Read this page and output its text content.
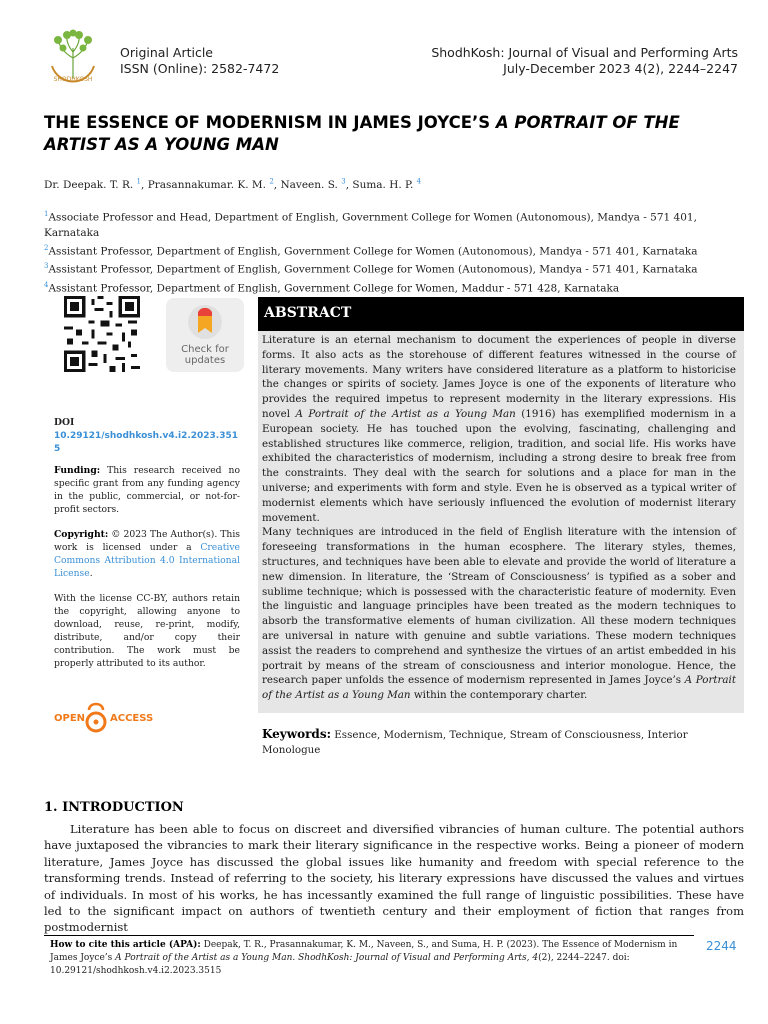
SHODHKOSH
Original Article
ISSN (Online): 2582-7472
ShodhKosh: Journal of Visual and Performing Arts
July-December 2023 4(2), 2244–2247
THE ESSENCE OF MODERNISM IN JAMES JOYCE’S A PORTRAIT OF THE ARTIST AS A YOUNG MAN
Dr. Deepak. T. R. $^1$, Prasannakumar. K. M. $^2$, Naveen. S. $^3$, Suma. H. P. $^4$
$^1$Associate Professor and Head, Department of English, Government College for Women (Autonomous), Mandya - 571 401, Karnataka
$^2$Assistant Professor, Department of English, Government College for Women (Autonomous), Mandya - 571 401, Karnataka
$^3$Assistant Professor, Department of English, Government College for Women (Autonomous), Mandya - 571 401, Karnataka
$^4$Assistant Professor, Department of English, Government College for Women, Maddur - 571 428, Karnataka
Check for
updates
DOI
10.29121/shodhkosh.v4.i2.2023.3515
Funding: This research received no specific grant from any funding agency in the public, commercial, or not-for-profit sectors.
Copyright: © 2023 The Author(s). This work is licensed under a Creative Commons Attribution 4.0 International License.
With the license CC-BY, authors retain the copyright, allowing anyone to download, reuse, re-print, modify, distribute, and/or copy their contribution. The work must be properly attributed to its author.
OPEN ACCESS
ABSTRACT

Literature is an eternal mechanism to document the experiences of people in diverse forms. It also acts as the storehouse of different features witnessed in the course of literary movements. Many writers have considered literature as a platform to historicise the changes or spirits of society. James Joyce is one of the exponents of literature who provides the required impetus to represent modernity in the literary expressions. His novel A Portrait of the Artist as a Young Man (1916) has exemplified modernism in a European society. He has touched upon the evolving, fascinating, challenging and established structures like commerce, religion, tradition, and social life. His works have exhibited the characteristics of modernism, including a strong desire to break free from the constraints. They deal with the search for solutions and a place for man in the universe; and experiments with form and style. Even he is observed as a typical writer of modernist elements which have seriously influenced the evolution of modernist literary movement.

Many techniques are introduced in the field of English literature with the intension of foreseeing transformations in the human ecosphere. The literary styles, themes, structures, and techniques have been able to elevate and provide the world of literature a new dimension. In literature, the ‘Stream of Consciousness’ is typified as a sober and sublime technique; which is possessed with the characteristic feature of modernity. Even the linguistic and language principles have been treated as the modern techniques to absorb the transformative elements of human civilization. All these modern techniques are universal in nature with genuine and subtle variations. These modern techniques assist the readers to comprehend and synthesize the virtues of an artist embedded in his portrait by means of the stream of consciousness and interior monologue. Hence, the research paper unfolds the essence of modernism represented in James Joyce’s A Portrait of the Artist as a Young Man within the contemporary charter.

Keywords: Essence, Modernism, Technique, Stream of Consciousness, Interior Monologue
1. INTRODUCTION

Literature has been able to focus on discreet and diversified vibrancies of human culture. The potential authors have juxtaposed the vibrancies to mark their literary significance in the respective works. Being a pioneer of modern literature, James Joyce has discussed the global issues like humanity and freedom with special reference to the transforming trends. Instead of referring to the society, his literary expressions have discussed the values and virtues of individuals. In most of his works, he has incessantly examined the full range of linguistic possibilities. These have led to the significant impact on authors of twentieth century and their employment of fiction that ranges from postmodernist

How to cite this article (APA): Deepak, T. R., Prasannakumar, K. M., Naveen, S., and Suma, H. P. (2023). The Essence of Modernism in James Joyce’s A Portrait of the Artist as a Young Man. ShodhKosh: Journal of Visual and Performing Arts, 4(2), 2244–2247. doi: 10.29121/shodhkosh.v4.i2.2023.3515
2244
